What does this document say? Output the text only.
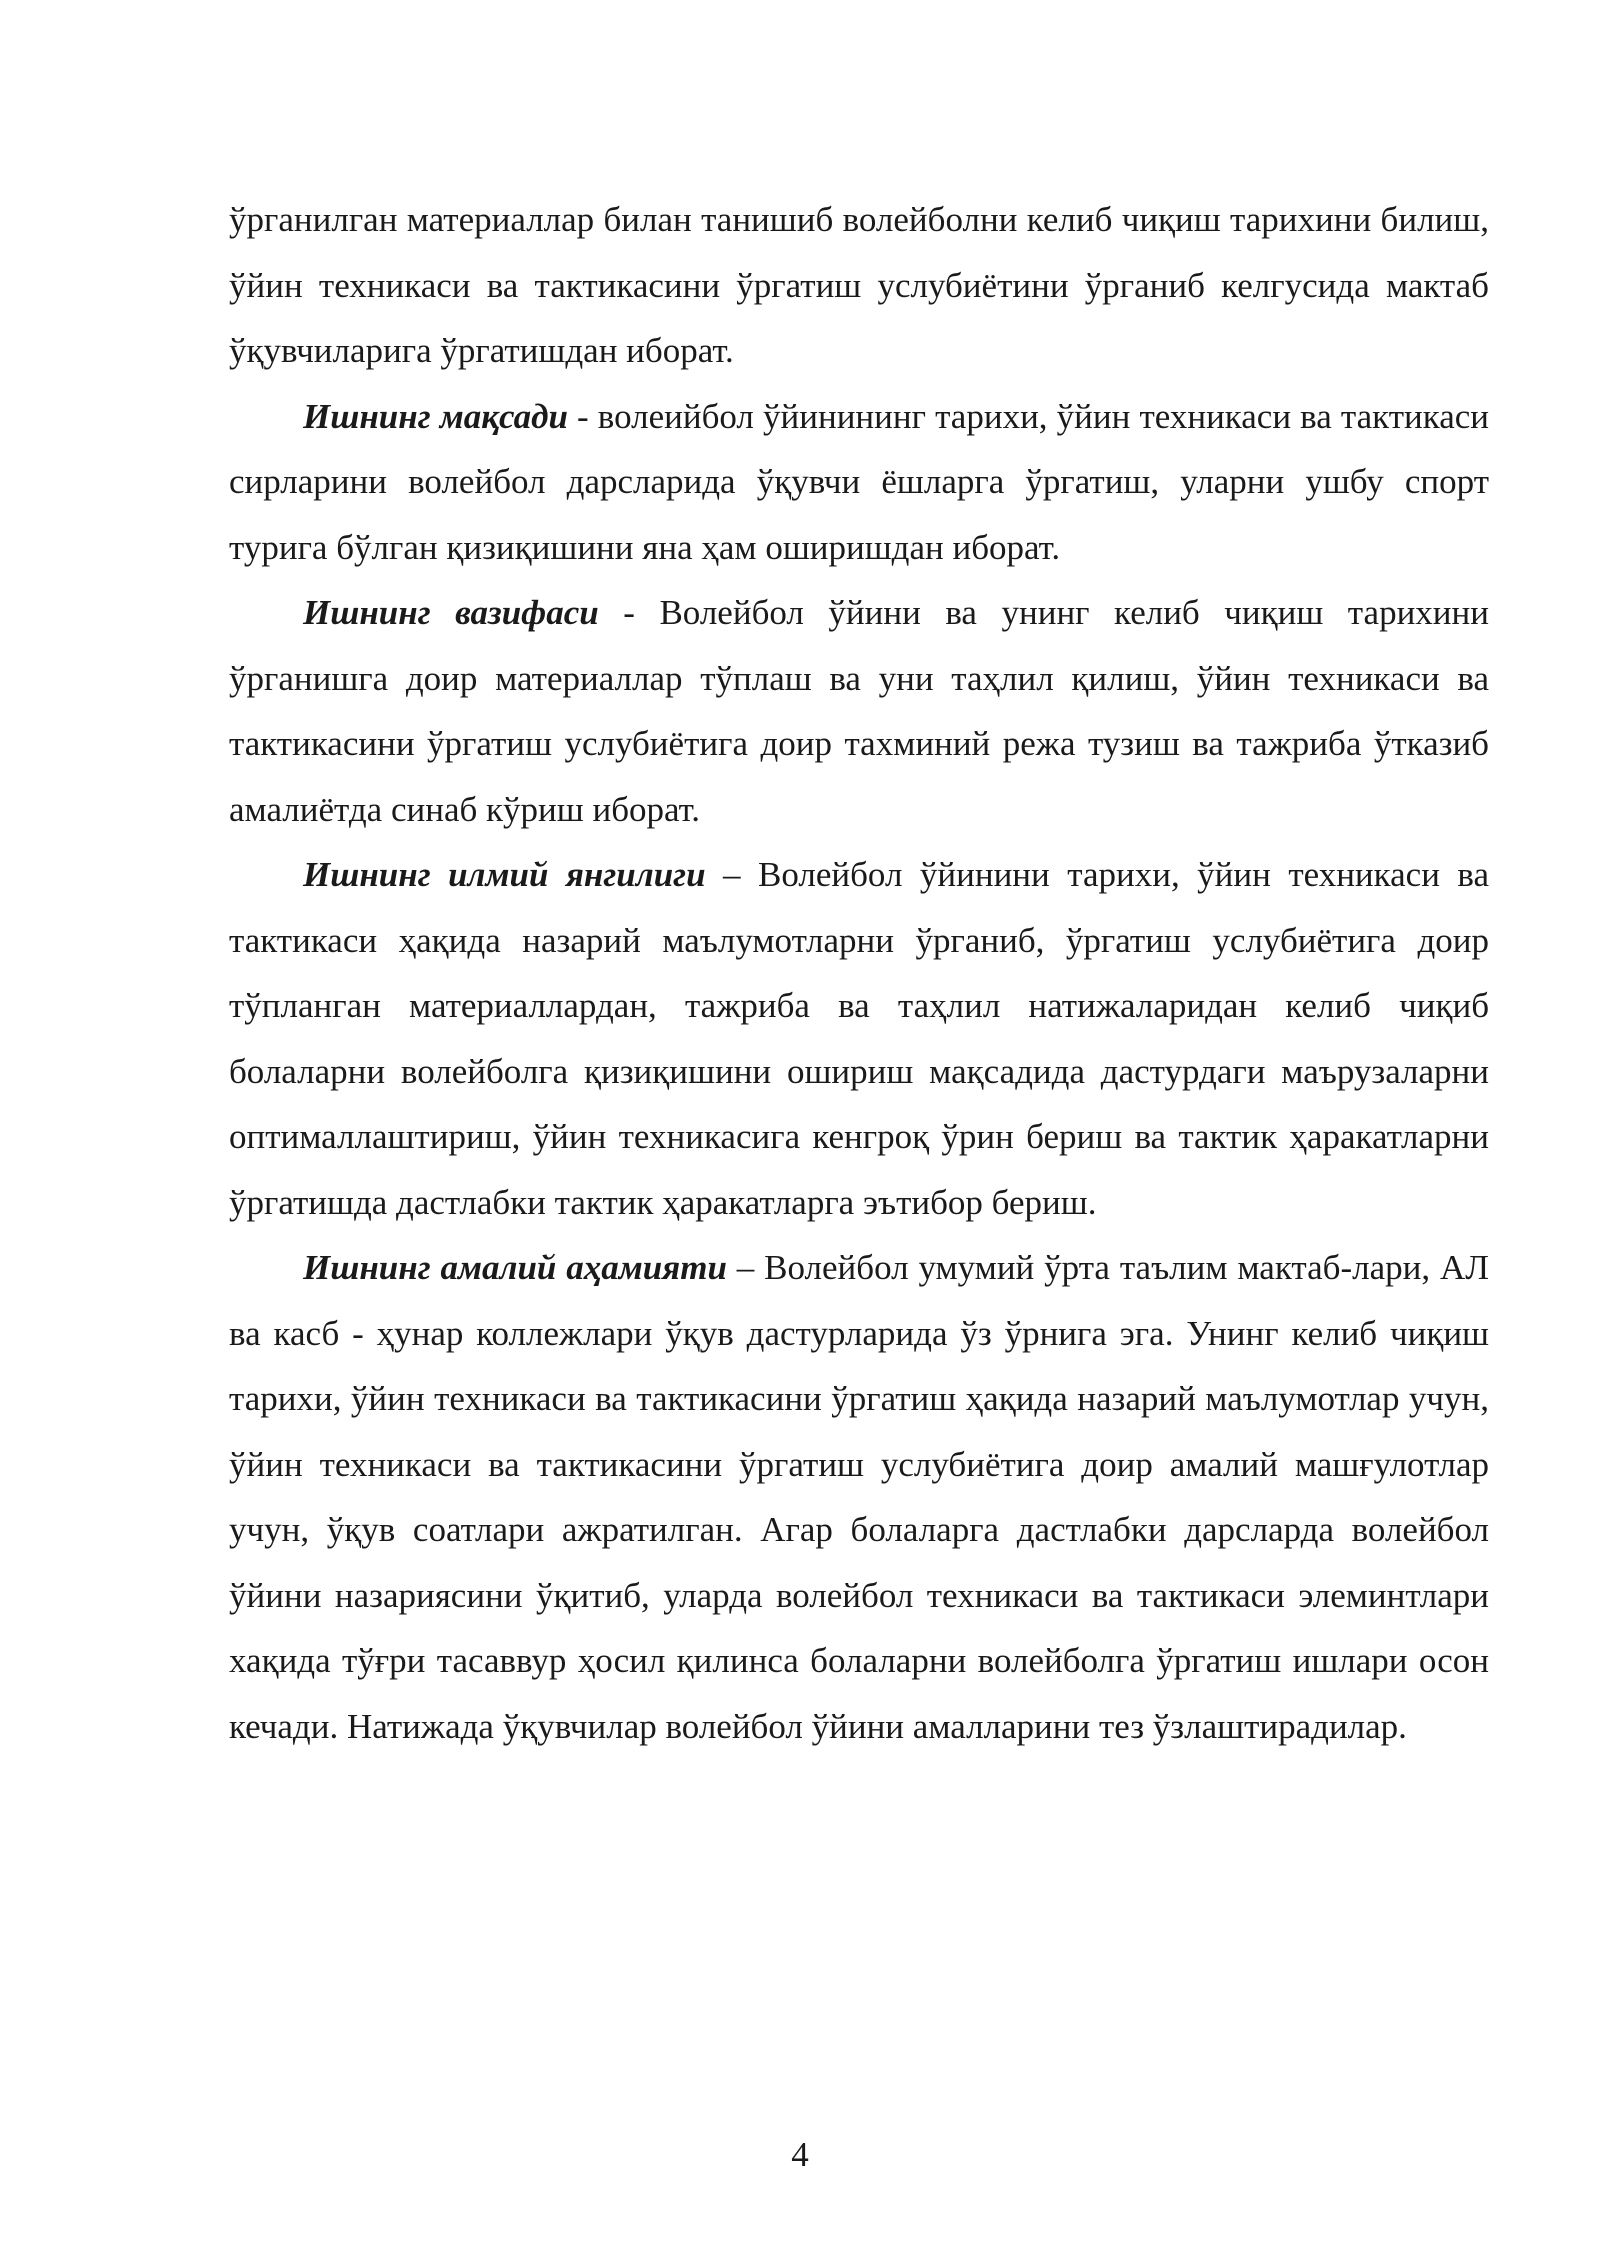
ўрганилган материаллар билан танишиб волейболни келиб чиқиш тарихини билиш, ўйин техникаси ва тактикасини ўргатиш услубиётини ўрганиб келгусида мактаб ўқувчиларига ўргатишдан иборат.

Ишнинг мақсади - волеийбол ўйинининг тарихи, ўйин техникаси ва тактикаси сирларини волейбол дарсларида ўқувчи ёшларга ўргатиш, уларни ушбу спорт турига бўлган қизиқишини яна ҳам оширишдан иборат.

Ишнинг вазифаси - Волейбол ўйини ва унинг келиб чиқиш тарихини ўрганишга доир материаллар тўплаш ва уни таҳлил қилиш, ўйин техникаси ва тактикасини ўргатиш услубиётига доир тахминий режа тузиш ва тажриба ўтказиб амалиётда синаб кўриш иборат.

Ишнинг илмий янгилиги – Волейбол ўйинини тарихи, ўйин техникаси ва тактикаси ҳақида назарий маълумотларни ўрганиб, ўргатиш услубиётига доир тўпланган материаллардан, тажриба ва таҳлил натижаларидан келиб чиқиб болаларни волейболга қизиқишини ошириш мақсадида дастурдаги маърузаларни оптималлаштириш, ўйин техникасига кенгроқ ўрин бериш ва тактик ҳаракатларни ўргатишда дастлабки тактик ҳаракатларга эътибор бериш.

Ишнинг амалий аҳамияти – Волейбол умумий ўрта таълим мактаб-лари, АЛ ва касб - ҳунар коллежлари ўқув дастурларида ўз ўрнига эга. Унинг келиб чиқиш тарихи, ўйин техникаси ва тактикасини ўргатиш ҳақида назарий маълумотлар учун, ўйин техникаси ва тактикасини ўргатиш услубиётига доир амалий машғулотлар учун, ўқув соатлари ажратилган. Агар болаларга дастлабки дарсларда волейбол ўйини назариясини ўқитиб, уларда волейбол техникаси ва тактикаси элеминтлари хақида тўғри тасаввур ҳосил қилинса болаларни волейболга ўргатиш ишлари осон кечади. Натижада ўқувчилар волейбол ўйини амалларини тез ўзлаштирадилар.

4
